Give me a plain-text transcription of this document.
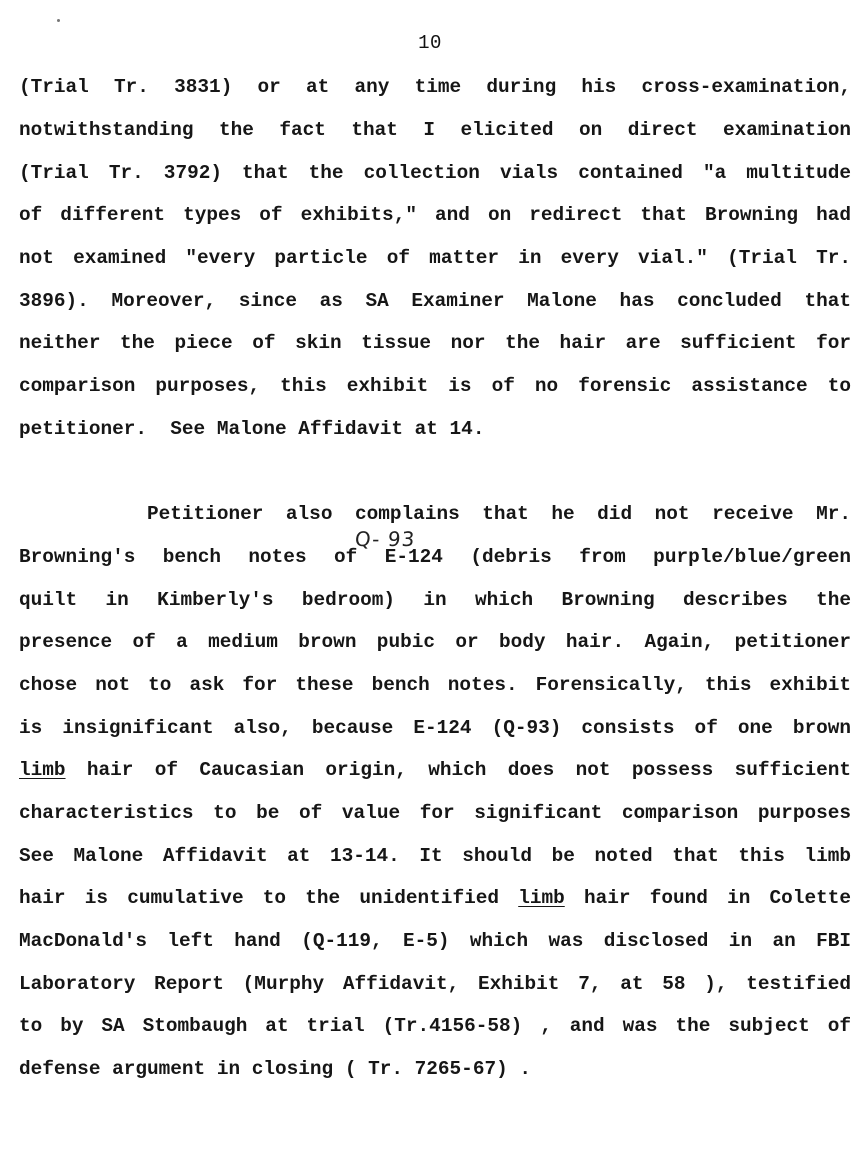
10
(Trial Tr. 3831) or at any time during his cross-examination,
notwithstanding the fact that I elicited on direct examination
(Trial Tr. 3792) that the collection vials contained "a multitude
of different types of exhibits," and on redirect that Browning had
not examined "every particle of matter in every vial." (Trial Tr.
3896). Moreover, since as SA Examiner Malone has concluded that
neither the piece of skin tissue nor the hair are sufficient for
comparison purposes, this exhibit is of no forensic assistance to
petitioner.  See Malone Affidavit at 14.
Q- 93
Petitioner also complains that he did not receive Mr.
Browning's bench notes of E-124 (debris from purple/blue/green
quilt in Kimberly's bedroom) in which Browning describes the
presence of a medium brown pubic or body hair. Again, petitioner
chose not to ask for these bench notes. Forensically, this exhibit
is insignificant also, because E-124 (Q-93) consists of one brown
limb hair of Caucasian origin, which does not possess sufficient
characteristics to be of value for significant comparison purposes
See Malone Affidavit at 13-14. It should be noted that this limb
hair is cumulative to the unidentified limb hair found in Colette
MacDonald's left hand (Q-119, E-5) which was disclosed in an FBI
Laboratory Report (Murphy Affidavit, Exhibit 7, at 58 ), testified
to by SA Stombaugh at trial (Tr.4156-58) , and was the subject of
defense argument in closing ( Tr. 7265-67) .
